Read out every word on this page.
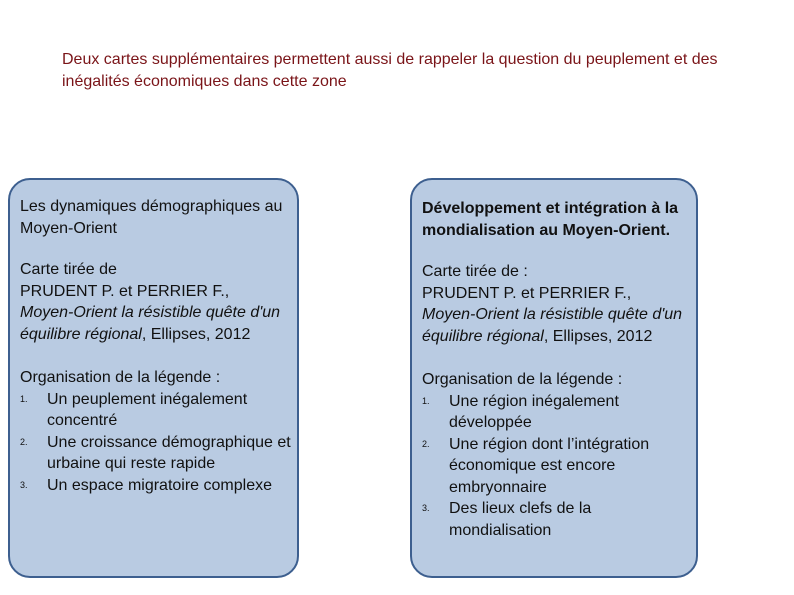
Deux cartes supplémentaires permettent aussi de rappeler la question du peuplement et des inégalités économiques dans cette zone
Les dynamiques démographiques au Moyen-Orient
Carte tirée de
PRUDENT P. et PERRIER F.,
Moyen-Orient la résistible quête d'un équilibre régional, Ellipses, 2012
Organisation de la légende :
1. Un peuplement inégalement concentré
2. Une croissance démographique et urbaine qui reste rapide
3. Un espace migratoire complexe
Développement et intégration à la mondialisation au Moyen-Orient.
Carte tirée de :
PRUDENT P. et PERRIER F.,
Moyen-Orient la résistible quête d'un équilibre régional, Ellipses, 2012
Organisation de la légende :
1. Une région inégalement développée
2. Une région dont l’intégration économique est encore embryonnaire
3. Des lieux clefs de la mondialisation
